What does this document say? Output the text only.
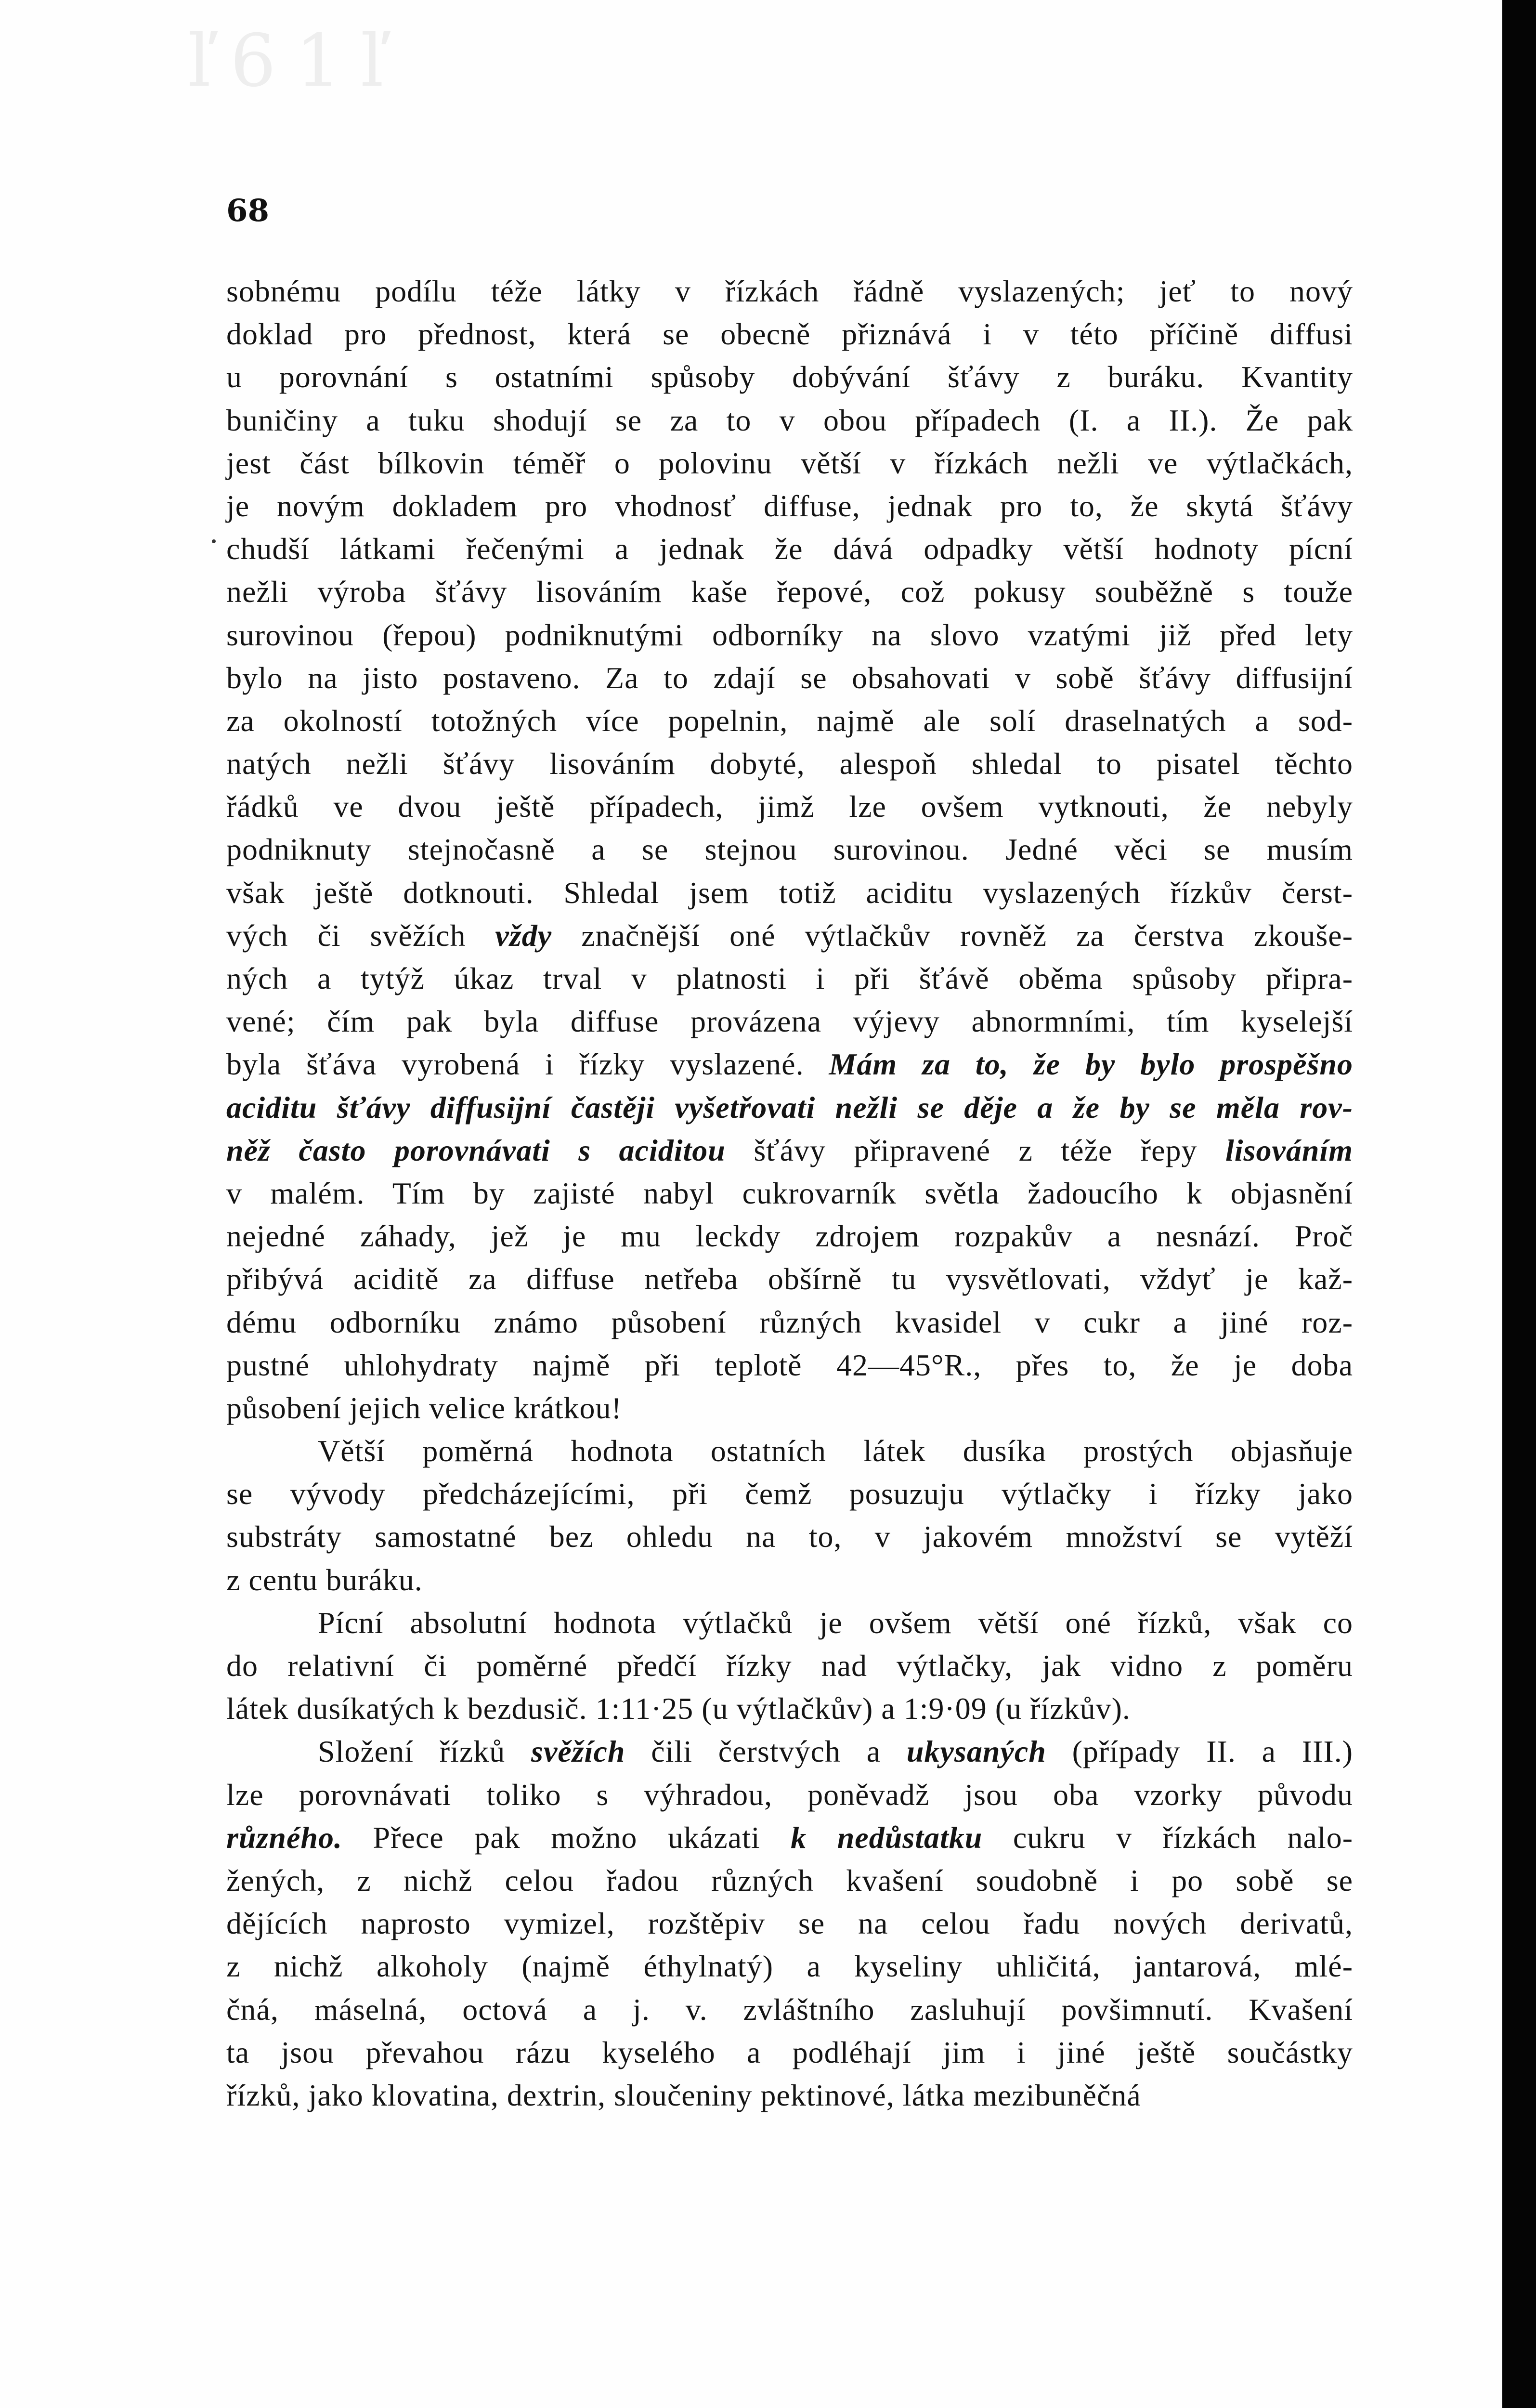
ľ61ľ
68
sobnému podílu téže látky v řízkách řádně vyslazených; jeť to nový
doklad pro přednost, která se obecně přiznává i v této příčině diffusi
u porovnání s ostatními spůsoby dobývání šťávy z buráku. Kvantity
buničiny a tuku shodují se za to v obou případech (I. a II.). Že pak
jest část bílkovin téměř o polovinu větší v řízkách nežli ve výtlačkách,
je novým dokladem pro vhodnosť diffuse, jednak pro to, že skytá šťávy
chudší látkami řečenými a jednak že dává odpadky větší hodnoty pícní
nežli výroba šťávy lisováním kaše řepové, což pokusy souběžně s touže
surovinou (řepou) podniknutými odborníky na slovo vzatými již před lety
bylo na jisto postaveno. Za to zdají se obsahovati v sobě šťávy diffusijní
za okolností totožných více popelnin, najmě ale solí draselnatých a sod-
natých nežli šťávy lisováním dobyté, alespoň shledal to pisatel těchto
řádků ve dvou ještě případech, jimž lze ovšem vytknouti, že nebyly
podniknuty stejnočasně a se stejnou surovinou. Jedné věci se musím
však ještě dotknouti. Shledal jsem totiž aciditu vyslazených řízkův čerst-
vých či svěžích vždy značnější oné výtlačkův rovněž za čerstva zkouše-
ných a tytýž úkaz trval v platnosti i při šťávě oběma spůsoby připra-
vené; čím pak byla diffuse provázena výjevy abnormními, tím kyselejší
byla šťáva vyrobená i řízky vyslazené. Mám za to, že by bylo prospěšno
aciditu šťávy diffusijní častěji vyšetřovati nežli se děje a že by se měla rov-
něž často porovnávati s aciditou šťávy připravené z téže řepy lisováním
v malém. Tím by zajisté nabyl cukrovarník světla žadoucího k objasnění
nejedné záhady, jež je mu leckdy zdrojem rozpakův a nesnází. Proč
přibývá aciditě za diffuse netřeba obšírně tu vysvětlovati, vždyť je kaž-
dému odborníku známo působení různých kvasidel v cukr a jiné roz-
pustné uhlohydraty najmě při teplotě 42—45°R., přes to, že je doba
působení jejich velice krátkou!
Větší poměrná hodnota ostatních látek dusíka prostých objasňuje
se vývody předcházejícími, při čemž posuzuju výtlačky i řízky jako
substráty samostatné bez ohledu na to, v jakovém množství se vytěží
z centu buráku.
Pícní absolutní hodnota výtlačků je ovšem větší oné řízků, však co
do relativní či poměrné předčí řízky nad výtlačky, jak vidno z poměru
látek dusíkatých k bezdusič. 1:11·25 (u výtlačkův) a 1:9·09 (u řízkův).
Složení řízků svěžích čili čerstvých a ukysaných (případy II. a III.)
lze porovnávati toliko s výhradou, poněvadž jsou oba vzorky původu
různého. Přece pak možno ukázati k nedůstatku cukru v řízkách nalo-
žených, z nichž celou řadou různých kvašení soudobně i po sobě se
dějících naprosto vymizel, rozštěpiv se na celou řadu nových derivatů,
z nichž alkoholy (najmě éthylnatý) a kyseliny uhličitá, jantarová, mlé-
čná, máselná, octová a j. v. zvláštního zasluhují povšimnutí. Kvašení
ta jsou převahou rázu kyselého a podléhají jim i jiné ještě součástky
řízků, jako klovatina, dextrin, sloučeniny pektinové, látka mezibuněčná
